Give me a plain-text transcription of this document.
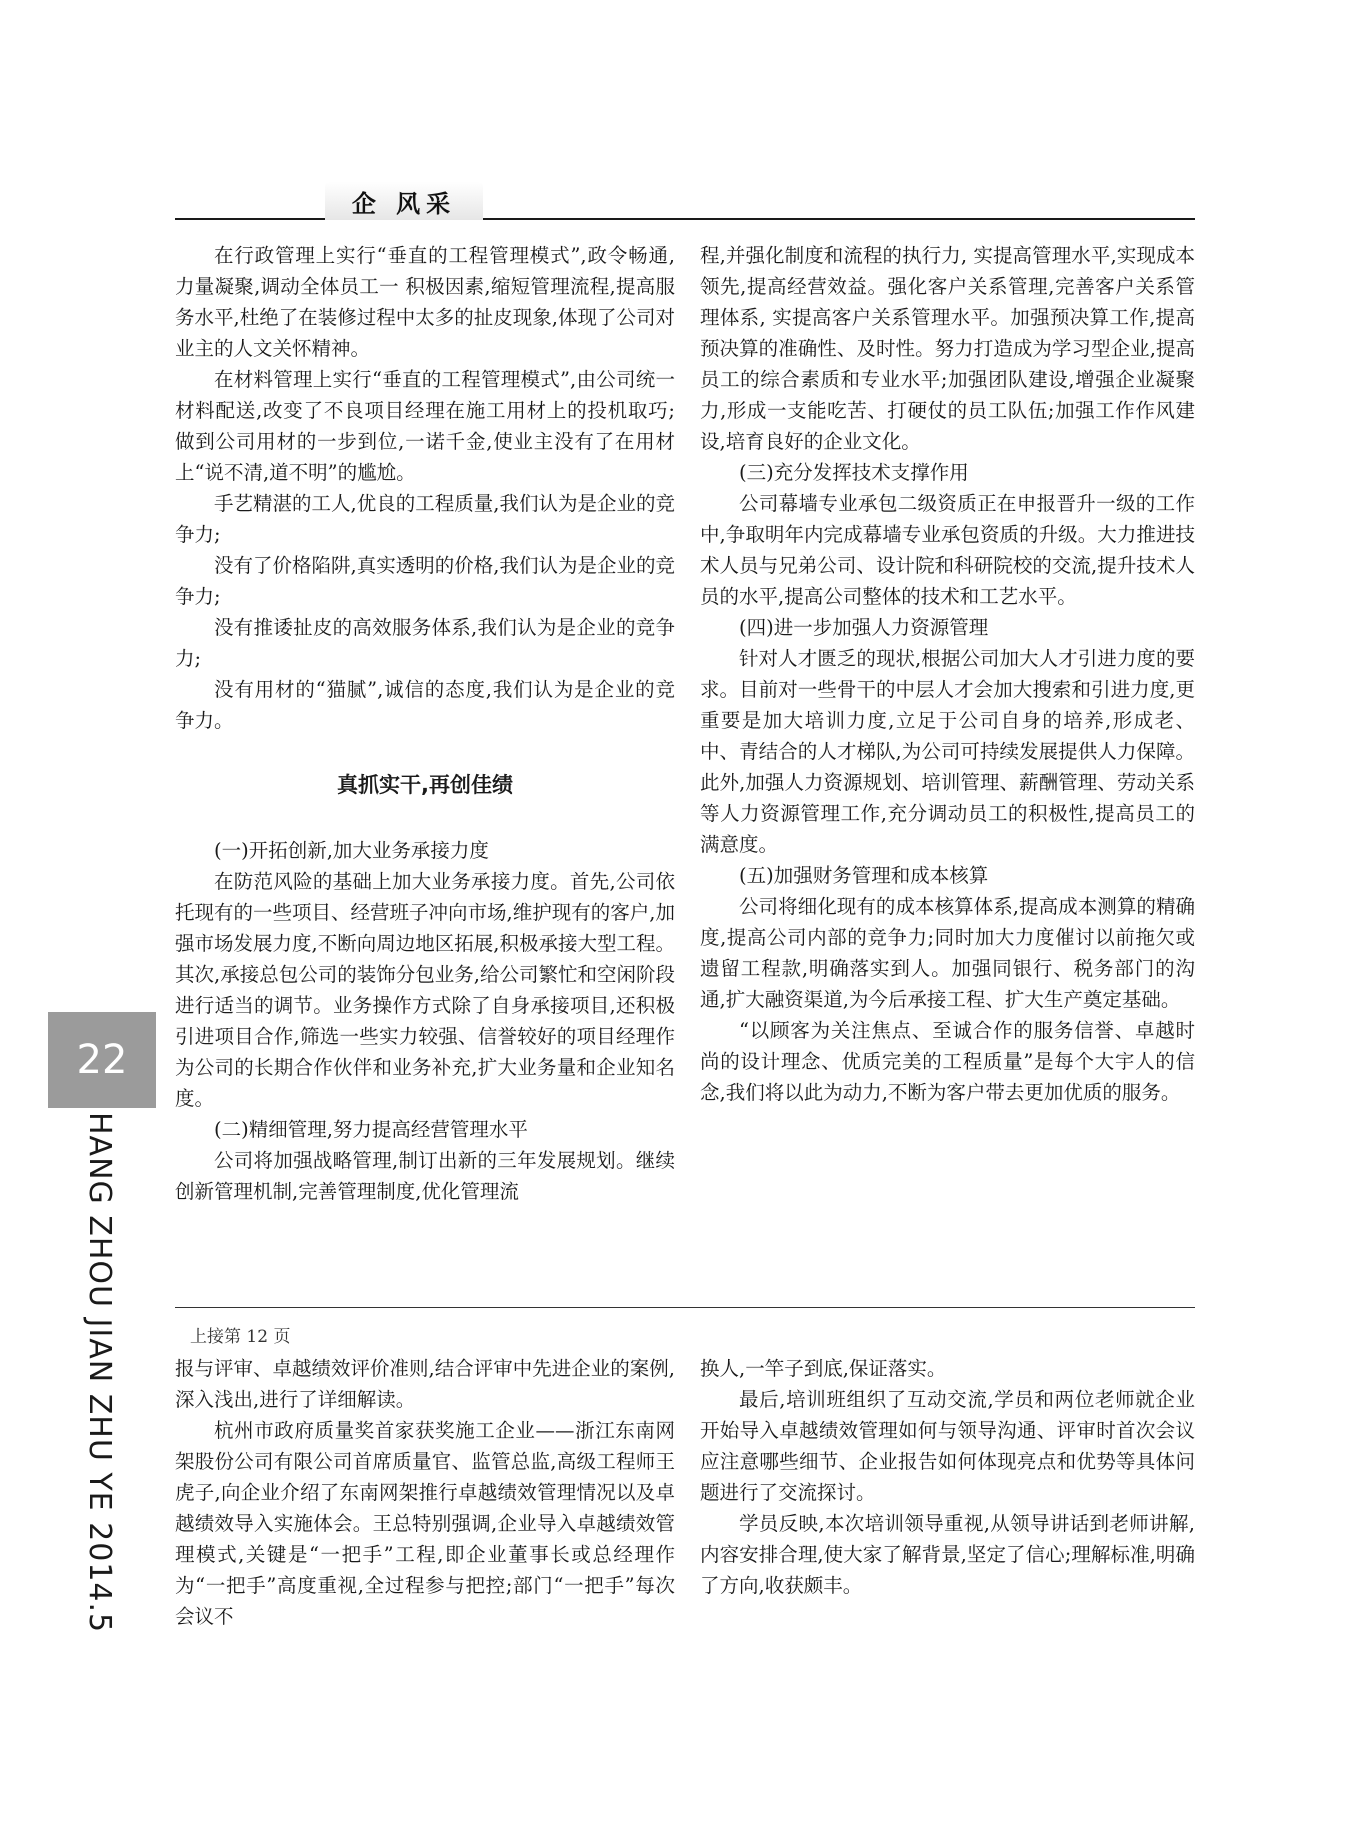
企 风采

在行政管理上实行“垂直的工程管理模式”,政令畅通,力量凝聚,调动全体员工一 积极因素,缩短管理流程,提高服务水平,杜绝了在装修过程中太多的扯皮现象,体现了公司对业主的人文关怀精神。

在材料管理上实行“垂直的工程管理模式”,由公司统一材料配送,改变了不良项目经理在施工用材上的投机取巧;做到公司用材的一步到位,一诺千金,使业主没有了在用材上“说不清,道不明”的尴尬。

手艺精湛的工人,优良的工程质量,我们认为是企业的竞争力;

没有了价格陷阱,真实透明的价格,我们认为是企业的竞争力;

没有推诿扯皮的高效服务体系,我们认为是企业的竞争力;

没有用材的“猫腻”,诚信的态度,我们认为是企业的竞争力。

真抓实干,再创佳绩

(一)开拓创新,加大业务承接力度

在防范风险的基础上加大业务承接力度。首先,公司依托现有的一些项目、经营班子冲向市场,维护现有的客户,加强市场发展力度,不断向周边地区拓展,积极承接大型工程。其次,承接总包公司的装饰分包业务,给公司繁忙和空闲阶段进行适当的调节。业务操作方式除了自身承接项目,还积极引进项目合作,筛选一些实力较强、信誉较好的项目经理作为公司的长期合作伙伴和业务补充,扩大业务量和企业知名度。

(二)精细管理,努力提高经营管理水平

公司将加强战略管理,制订出新的三年发展规划。继续创新管理机制,完善管理制度,优化管理流

程,并强化制度和流程的执行力, 实提高管理水平,实现成本领先,提高经营效益。强化客户关系管理,完善客户关系管理体系, 实提高客户关系管理水平。加强预决算工作,提高预决算的准确性、及时性。努力打造成为学习型企业,提高员工的综合素质和专业水平;加强团队建设,增强企业凝聚力,形成一支能吃苦、打硬仗的员工队伍;加强工作作风建设,培育良好的企业文化。

(三)充分发挥技术支撑作用

公司幕墙专业承包二级资质正在申报晋升一级的工作中,争取明年内完成幕墙专业承包资质的升级。大力推进技术人员与兄弟公司、设计院和科研院校的交流,提升技术人员的水平,提高公司整体的技术和工艺水平。

(四)进一步加强人力资源管理

针对人才匮乏的现状,根据公司加大人才引进力度的要求。目前对一些骨干的中层人才会加大搜索和引进力度,更重要是加大培训力度,立足于公司自身的培养,形成老、中、青结合的人才梯队,为公司可持续发展提供人力保障。此外,加强人力资源规划、培训管理、薪酬管理、劳动关系等人力资源管理工作,充分调动员工的积极性,提高员工的满意度。

(五)加强财务管理和成本核算

公司将细化现有的成本核算体系,提高成本测算的精确度,提高公司内部的竞争力;同时加大力度催讨以前拖欠或遗留工程款,明确落实到人。加强同银行、税务部门的沟通,扩大融资渠道,为今后承接工程、扩大生产奠定基础。

“以顾客为关注焦点、至诚合作的服务信誉、卓越时尚的设计理念、优质完美的工程质量”是每个大宇人的信念,我们将以此为动力,不断为客户带去更加优质的服务。

上接第 12 页

报与评审、卓越绩效评价准则,结合评审中先进企业的案例,深入浅出,进行了详细解读。

杭州市政府质量奖首家获奖施工企业——浙江东南网架股份公司有限公司首席质量官、监管总监,高级工程师王虎子,向企业介绍了东南网架推行卓越绩效管理情况以及卓越绩效导入实施体会。王总特别强调,企业导入卓越绩效管理模式,关键是“一把手”工程,即企业董事长或总经理作为“一把手”高度重视,全过程参与把控;部门“一把手”每次会议不

换人,一竿子到底,保证落实。

最后,培训班组织了互动交流,学员和两位老师就企业开始导入卓越绩效管理如何与领导沟通、评审时首次会议应注意哪些细节、企业报告如何体现亮点和优势等具体问题进行了交流探讨。

学员反映,本次培训领导重视,从领导讲话到老师讲解,内容安排合理,使大家了解背景,坚定了信心;理解标准,明确了方向,收获颇丰。

22
HANG ZHOU JIAN ZHU YE 2014.5
